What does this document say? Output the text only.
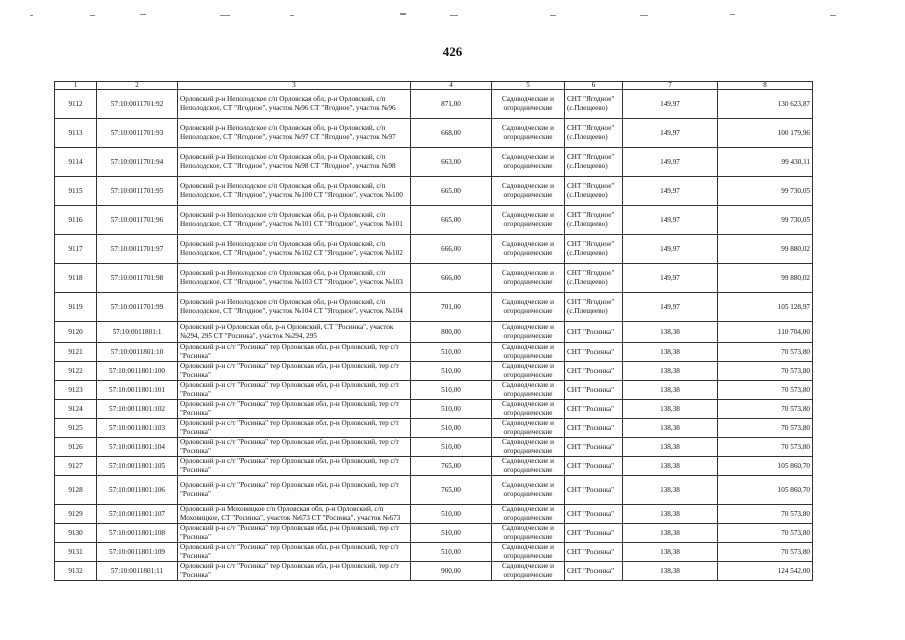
426
1	2	3	4	5	6	7	8
9112	57:10:0011701:92	Орловский р-н Неполодское с/п Орловская обл, р-н Орловский, с/п Неполодское, СТ "Ягодное", участок №96 СТ "Ягодное", участок №96	871,00	Садоводческие и огороднические	СНТ "Ягодное" (с.Плещеево)	149,97	130 623,87
9113	57:10:0011701:93	Орловский р-н Неполодское с/п Орловская обл, р-н Орловский, с/п Неполодское, СТ "Ягодное", участок №97 СТ "Ягодное", участок №97	668,00	Садоводческие и огороднические	СНТ "Ягодное" (с.Плещеево)	149,97	100 179,96
9114	57:10:0011701:94	Орловский р-н Неполодское с/п Орловская обл, р-н Орловский, с/п Неполодское, СТ "Ягодное", участок №98 СТ "Ягодное", участок №98	663,00	Садоводческие и огороднические	СНТ "Ягодное" (с.Плещеево)	149,97	99 430,11
9115	57:10:0011701:95	Орловский р-н Неполодское с/п Орловская обл, р-н Орловский, с/п Неполодское, СТ "Ягодное", участок №100 СТ "Ягодное", участок №100	665,00	Садоводческие и огороднические	СНТ "Ягодное" (с.Плещеево)	149,97	99 730,05
9116	57:10:0011701:96	Орловский р-н Неполодское с/п Орловская обл, р-н Орловский, с/п Неполодское, СТ "Ягодное", участок №101 СТ "Ягодное", участок №101	665,00	Садоводческие и огороднические	СНТ "Ягодное" (с.Плещеево)	149,97	99 730,05
9117	57:10:0011701:97	Орловский р-н Неполодское с/п Орловская обл, р-н Орловский, с/п Неполодское, СТ "Ягодное", участок №102 СТ "Ягодное", участок №102	666,00	Садоводческие и огороднические	СНТ "Ягодное" (с.Плещеево)	149,97	99 880,02
9118	57:10:0011701:98	Орловский р-н Неполодское с/п Орловская обл, р-н Орловский, с/п Неполодское, СТ "Ягодное", участок №103 СТ "Ягодное", участок №103	666,00	Садоводческие и огороднические	СНТ "Ягодное" (с.Плещеево)	149,97	99 880,02
9119	57:10:0011701:99	Орловский р-н Неполодское с/п Орловская обл, р-н Орловский, с/п Неполодское, СТ "Ягодное", участок №104 СТ "Ягодное", участок №104	701,00	Садоводческие и огороднические	СНТ "Ягодное" (с.Плещеево)	149,97	105 128,97
9120	57:10:0011801:1	Орловский р-н Орловская обл, р-н Орловский, СТ "Росинка", участок №294, 295 СТ "Росинка", участок №294, 295	800,00	Садоводческие и огороднические	СНТ "Росинка"	138,38	110 704,00
9121	57:10:0011801:10	Орловский р-н с/т "Росинка" тер Орловская обл, р-н Орловский, тер с/т "Росинка"	510,00	Садоводческие и огороднические	СНТ "Росинка"	138,38	70 573,80
9122	57:10:0011801:100	Орловский р-н с/т "Росинка" тер Орловская обл, р-н Орловский, тер с/т "Росинка"	510,00	Садоводческие и огороднические	СНТ "Росинка"	138,38	70 573,80
9123	57:10:0011801:101	Орловский р-н с/т "Росинка" тер Орловская обл, р-н Орловский, тер с/т "Росинка"	510,00	Садоводческие и огороднические	СНТ "Росинка"	138,38	70 573,80
9124	57:10:0011801:102	Орловский р-н с/т "Росинка" тер Орловская обл, р-н Орловский, тер с/т "Росинка"	510,00	Садоводческие и огороднические	СНТ "Росинка"	138,38	70 573,80
9125	57:10:0011801:103	Орловский р-н с/т "Росинка" тер Орловская обл, р-н Орловский, тер с/т "Росинка"	510,00	Садоводческие и огороднические	СНТ "Росинка"	138,38	70 573,80
9126	57:10:0011801:104	Орловский р-н с/т "Росинка" тер Орловская обл, р-н Орловский, тер с/т "Росинка"	510,00	Садоводческие и огороднические	СНТ "Росинка"	138,38	70 573,80
9127	57:10:0011801:105	Орловский р-н с/т "Росинка" тер Орловская обл, р-н Орловский, тер с/т "Росинка"	765,00	Садоводческие и огороднические	СНТ "Росинка"	138,38	105 860,70
9128	57:10:0011801:106	Орловский р-н с/т "Росинка" тер Орловская обл, р-н Орловский, тер с/т "Росинка"	765,00	Садоводческие и огороднические	СНТ "Росинка"	138,38	105 860,70
9129	57:10:0011801:107	Орловский р-н Моховицкое с/п Орловская обл, р-н Орловский, с/п Моховицкое, СТ "Росинка", участок №673 СТ "Росинка", участок №673	510,00	Садоводческие и огороднические	СНТ "Росинка"	138,38	70 573,80
9130	57:10:0011801:108	Орловский р-н с/т "Росинка" тер Орловская обл, р-н Орловский, тер с/т "Росинка"	510,00	Садоводческие и огороднические	СНТ "Росинка"	138,38	70 573,80
9131	57:10:0011801:109	Орловский р-н с/т "Росинка" тер Орловская обл, р-н Орловский, тер с/т "Росинка"	510,00	Садоводческие и огороднические	СНТ "Росинка"	138,38	70 573,80
9132	57:10:0011801:11	Орловский р-н с/т "Росинка" тер Орловская обл, р-н Орловский, тер с/т "Росинка"	900,00	Садоводческие и огороднические	СНТ "Росинка"	138,38	124 542,00
